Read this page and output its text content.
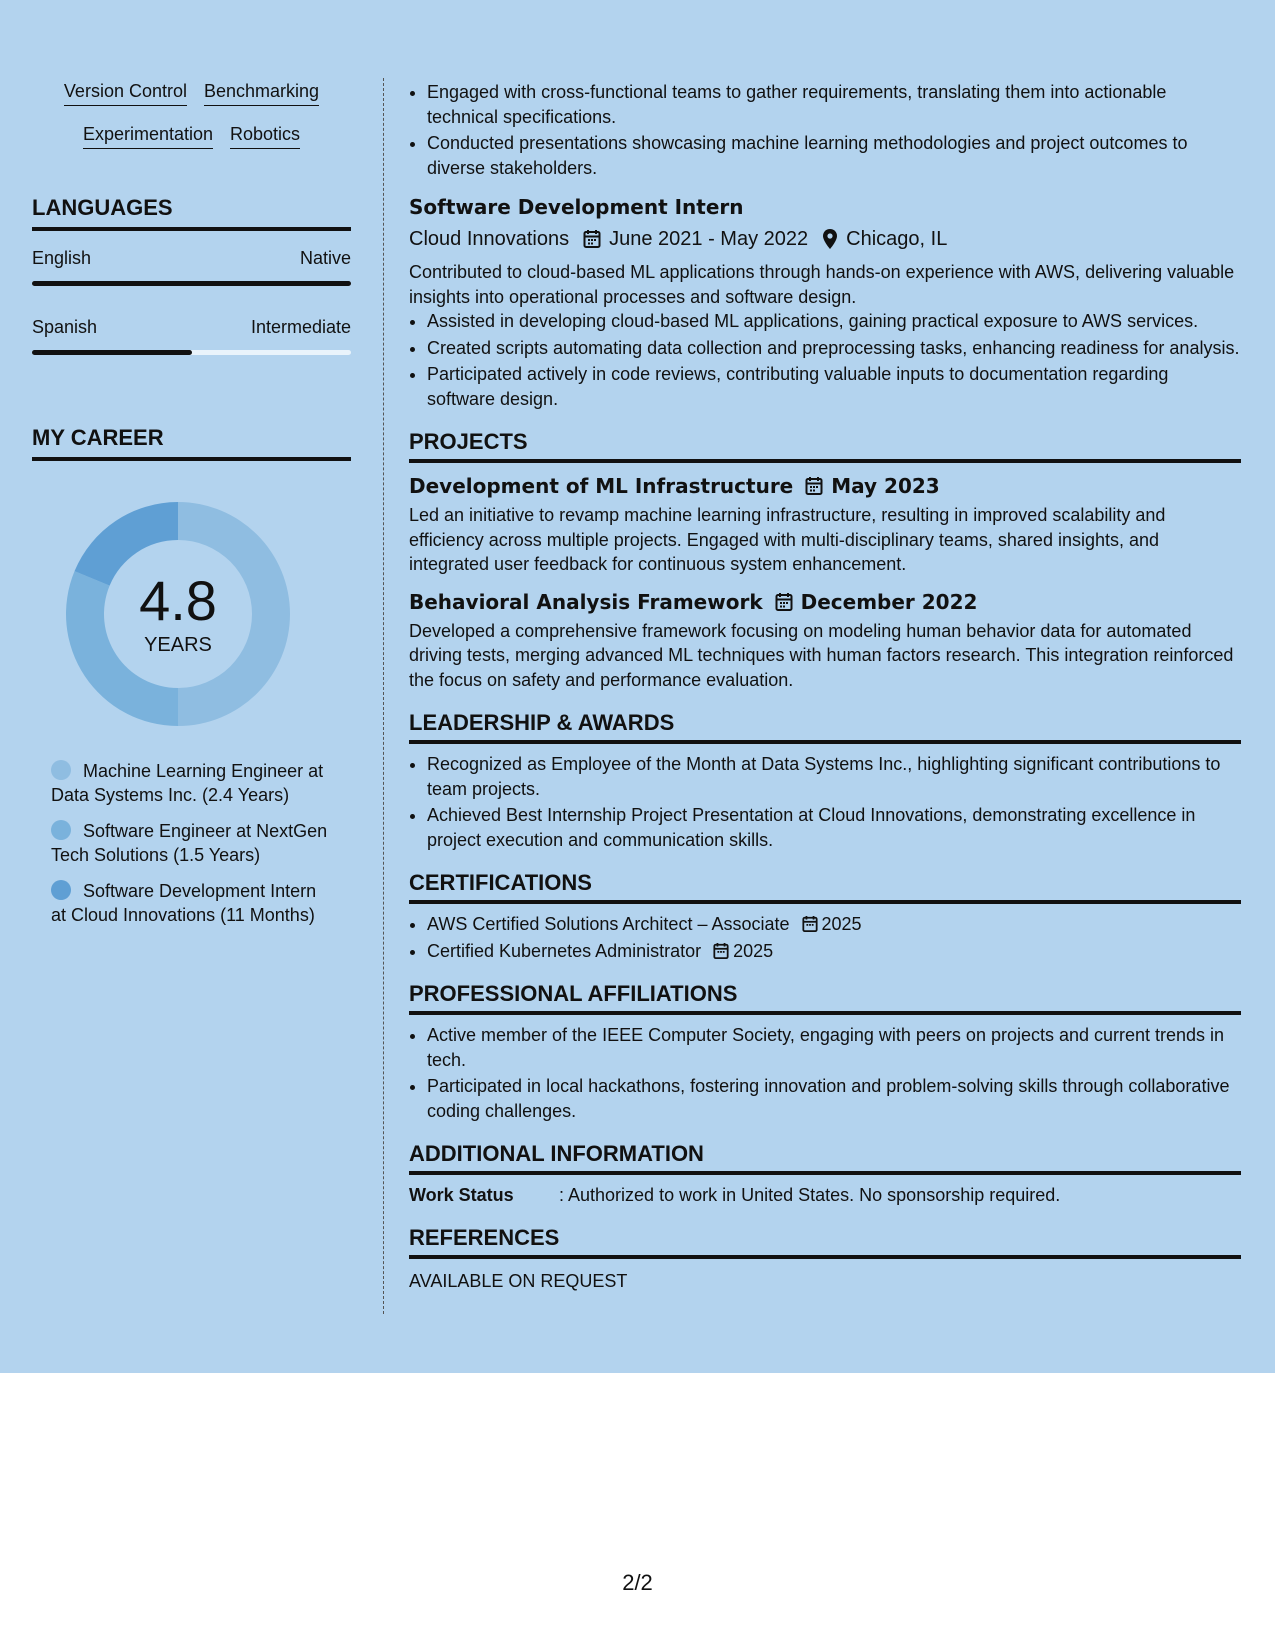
Version Control Benchmarking
Experimentation Robotics
LANGUAGES
English	Native
Spanish	Intermediate
MY CAREER
4.8
YEARS
Machine Learning Engineer at Data Systems Inc. (2.4 Years)
Software Engineer at NextGen Tech Solutions (1.5 Years)
Software Development Intern at Cloud Innovations (11 Months)
• Engaged with cross-functional teams to gather requirements, translating them into actionable technical specifications.
• Conducted presentations showcasing machine learning methodologies and project outcomes to diverse stakeholders.
Software Development Intern
Cloud Innovations June 2021 - May 2022 Chicago, IL
Contributed to cloud-based ML applications through hands-on experience with AWS, delivering valuable insights into operational processes and software design.
• Assisted in developing cloud-based ML applications, gaining practical exposure to AWS services.
• Created scripts automating data collection and preprocessing tasks, enhancing readiness for analysis.
• Participated actively in code reviews, contributing valuable inputs to documentation regarding software design.
PROJECTS
Development of ML Infrastructure May 2023
Led an initiative to revamp machine learning infrastructure, resulting in improved scalability and efficiency across multiple projects. Engaged with multi-disciplinary teams, shared insights, and integrated user feedback for continuous system enhancement.
Behavioral Analysis Framework December 2022
Developed a comprehensive framework focusing on modeling human behavior data for automated driving tests, merging advanced ML techniques with human factors research. This integration reinforced the focus on safety and performance evaluation.
LEADERSHIP & AWARDS
• Recognized as Employee of the Month at Data Systems Inc., highlighting significant contributions to team projects.
• Achieved Best Internship Project Presentation at Cloud Innovations, demonstrating excellence in project execution and communication skills.
CERTIFICATIONS
• AWS Certified Solutions Architect – Associate 2025
• Certified Kubernetes Administrator 2025
PROFESSIONAL AFFILIATIONS
• Active member of the IEEE Computer Society, engaging with peers on projects and current trends in tech.
• Participated in local hackathons, fostering innovation and problem-solving skills through collaborative coding challenges.
ADDITIONAL INFORMATION
Work Status	: Authorized to work in United States. No sponsorship required.
REFERENCES
AVAILABLE ON REQUEST
2/2
